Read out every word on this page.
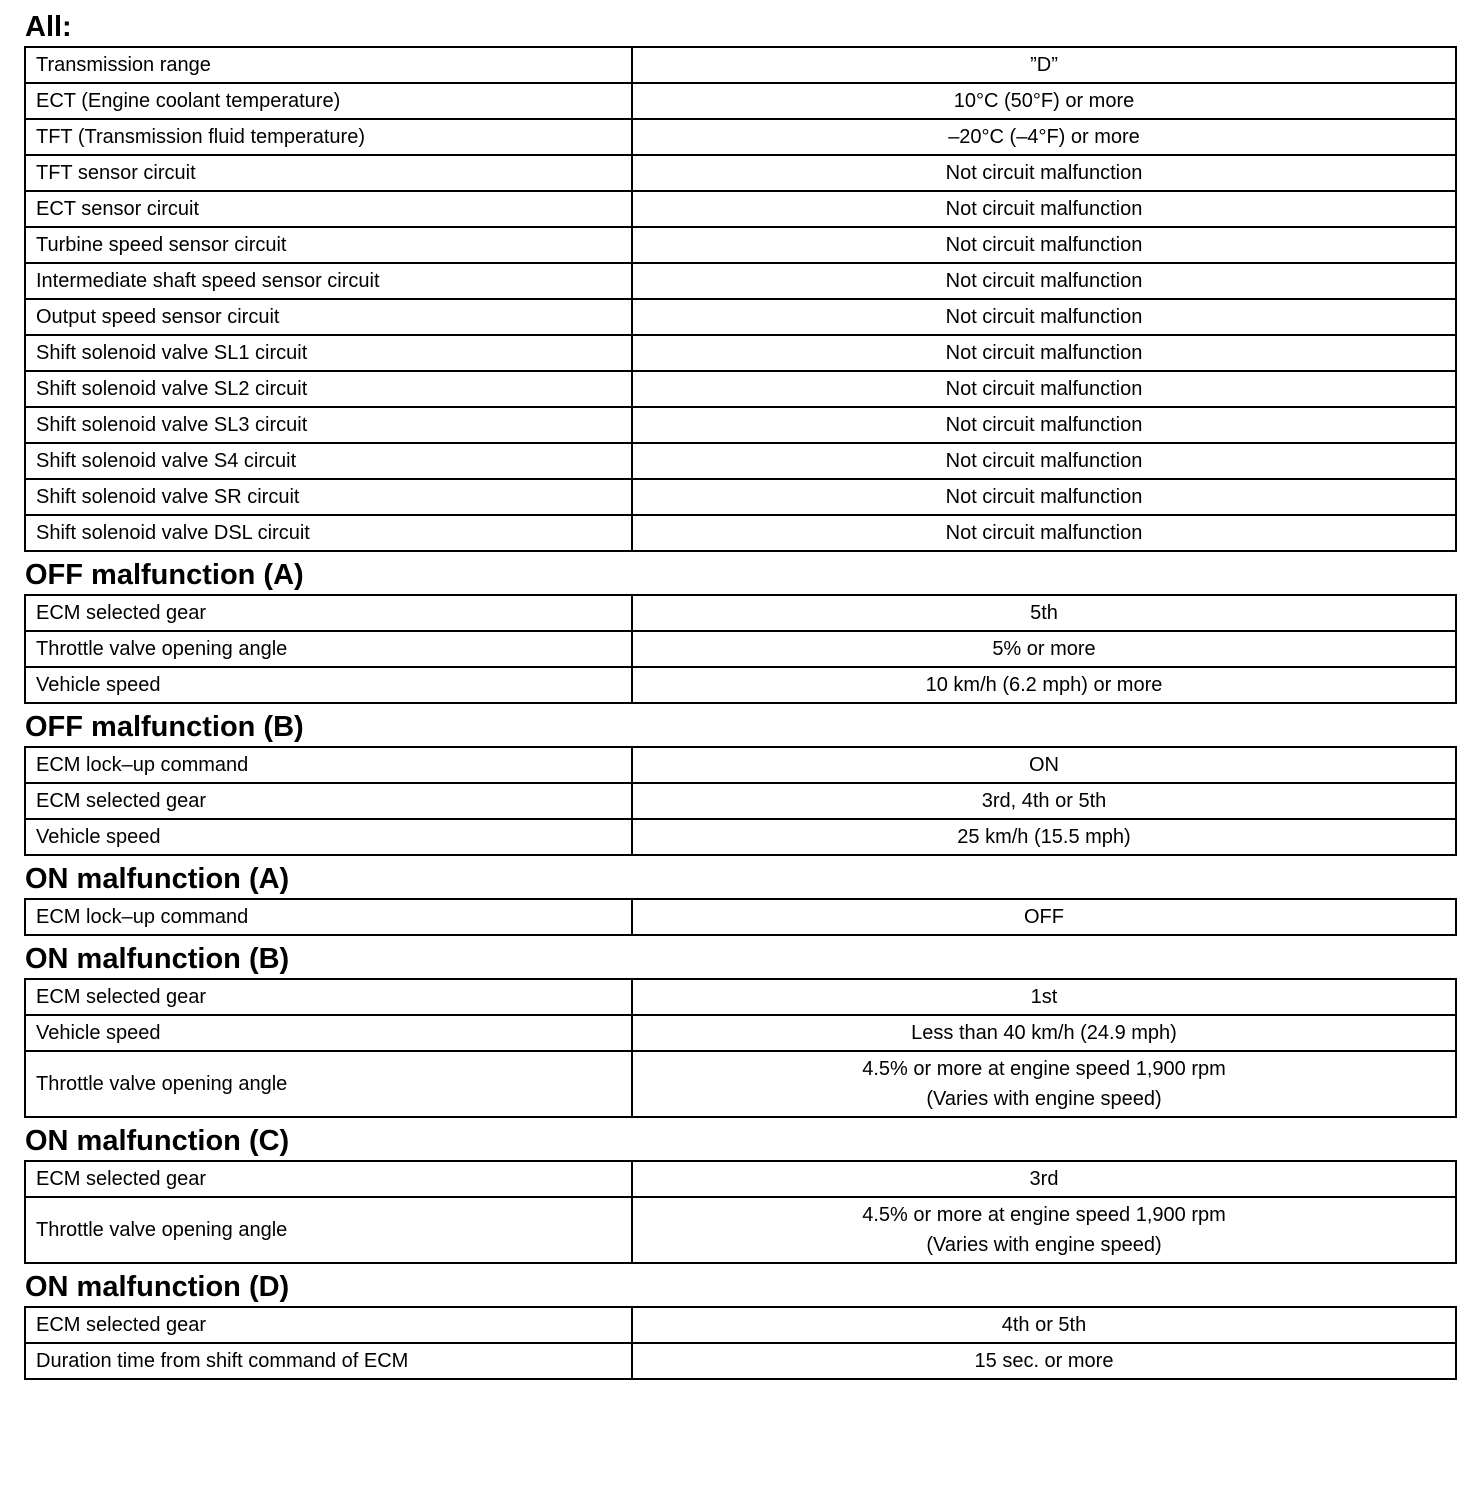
All:
Transmission range	”D”
ECT (Engine coolant temperature)	10°C (50°F) or more
TFT (Transmission fluid temperature)	–20°C (–4°F) or more
TFT sensor circuit	Not circuit malfunction
ECT sensor circuit	Not circuit malfunction
Turbine speed sensor circuit	Not circuit malfunction
Intermediate shaft speed sensor circuit	Not circuit malfunction
Output speed sensor circuit	Not circuit malfunction
Shift solenoid valve SL1 circuit	Not circuit malfunction
Shift solenoid valve SL2 circuit	Not circuit malfunction
Shift solenoid valve SL3 circuit	Not circuit malfunction
Shift solenoid valve S4 circuit	Not circuit malfunction
Shift solenoid valve SR circuit	Not circuit malfunction
Shift solenoid valve DSL circuit	Not circuit malfunction
OFF malfunction (A)
ECM selected gear	5th
Throttle valve opening angle	5% or more
Vehicle speed	10 km/h (6.2 mph) or more
OFF malfunction (B)
ECM lock–up command	ON
ECM selected gear	3rd, 4th or 5th
Vehicle speed	25 km/h (15.5 mph)
ON malfunction (A)
ECM lock–up command	OFF
ON malfunction (B)
ECM selected gear	1st
Vehicle speed	Less than 40 km/h (24.9 mph)
Throttle valve opening angle	4.5% or more at engine speed 1,900 rpm
(Varies with engine speed)
ON malfunction (C)
ECM selected gear	3rd
Throttle valve opening angle	4.5% or more at engine speed 1,900 rpm
(Varies with engine speed)
ON malfunction (D)
ECM selected gear	4th or 5th
Duration time from shift command of ECM	15 sec. or more
